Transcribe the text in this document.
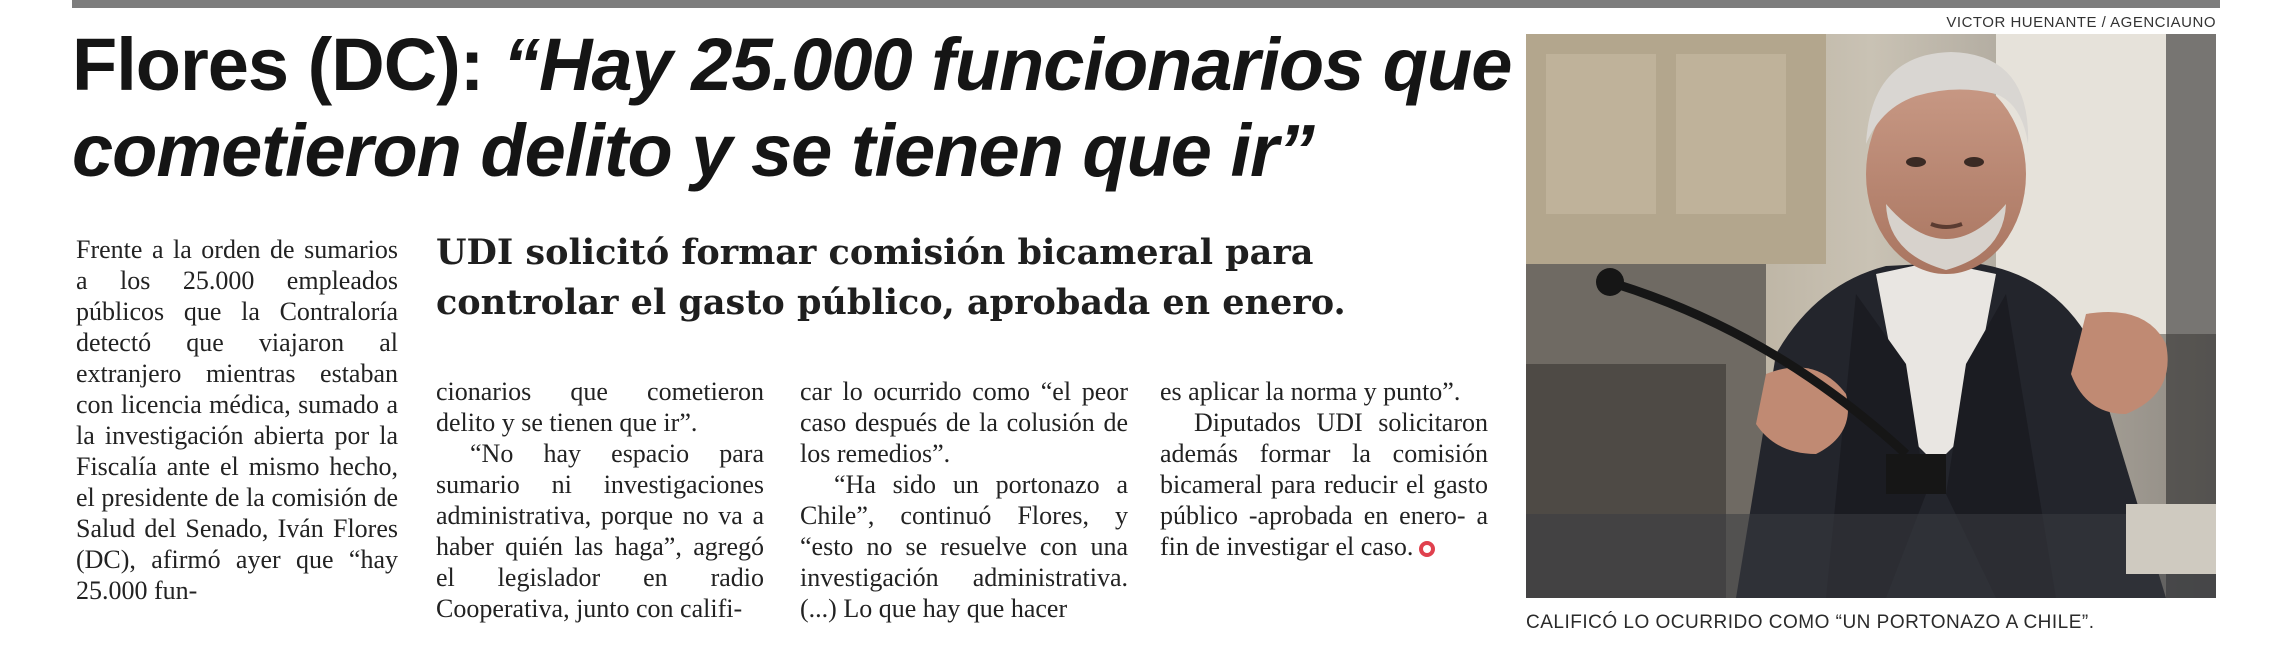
Flores (DC): “Hay 25.000 funcionarios que cometieron delito y se tienen que ir”
UDI solicitó formar comisión bicameral para controlar el gasto público, aprobada en enero.

Frente a la orden de sumarios a los 25.000 empleados públicos que la Contraloría detectó que viajaron al extranjero mientras estaban con licencia médica, sumado a la investigación abierta por la Fiscalía ante el mismo hecho, el presidente de la comisión de Salud del Senado, Iván Flores (DC), afirmó ayer que “hay 25.000 fun-

cionarios que cometieron delito y se tienen que ir”.

“No hay espacio para sumario ni investigaciones administrativa, porque no va a haber quién las haga”, agregó el legislador en radio Cooperativa, junto con califi-

car lo ocurrido como “el peor caso después de la colusión de los remedios”.

“Ha sido un portonazo a Chile”, continuó Flores, y “esto no se resuelve con una investigación administrativa. (...) Lo que hay que hacer

es aplicar la norma y punto”.

Diputados UDI solicitaron además formar la comisión bicameral para reducir el gasto público -aprobada en enero- a fin de investigar el caso.

VICTOR HUENANTE / AGENCIAUNO
CALIFICÓ LO OCURRIDO COMO “UN PORTONAZO A CHILE”.
